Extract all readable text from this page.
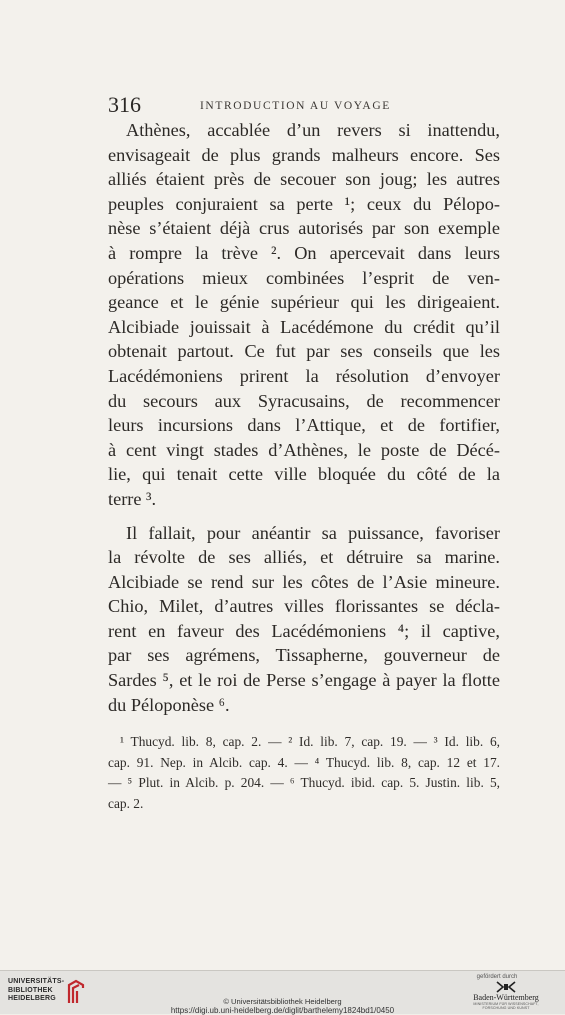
316	INTRODUCTION AU VOYAGE
Athènes, accablée d’un revers si inattendu,
envisageait de plus grands malheurs encore. Ses
alliés étaient près de secouer son joug; les autres
peuples conjuraient sa perte ¹; ceux du Pélopo-
nèse s’étaient déjà crus autorisés par son exemple
à rompre la trève ². On apercevait dans leurs
opérations mieux combinées l’esprit de ven-
geance et le génie supérieur qui les dirigeaient.
Alcibiade jouissait à Lacédémone du crédit qu’il
obtenait partout. Ce fut par ses conseils que les
Lacédémoniens prirent la résolution d’envoyer
du secours aux Syracusains, de recommencer
leurs incursions dans l’Attique, et de fortifier,
à cent vingt stades d’Athènes, le poste de Décé-
lie, qui tenait cette ville bloquée du côté de la
terre ³.
Il fallait, pour anéantir sa puissance, favoriser
la révolte de ses alliés, et détruire sa marine.
Alcibiade se rend sur les côtes de l’Asie mineure.
Chio, Milet, d’autres villes florissantes se décla-
rent en faveur des Lacédémoniens ⁴; il captive,
par ses agrémens, Tissapherne, gouverneur de
Sardes ⁵, et le roi de Perse s’engage à payer la flotte
du Péloponèse ⁶.
¹ Thucyd. lib. 8, cap. 2. — ² Id. lib. 7, cap. 19. — ³ Id. lib. 6,
cap. 91. Nep. in Alcib. cap. 4. — ⁴ Thucyd. lib. 8, cap. 12 et 17.
— ⁵ Plut. in Alcib. p. 204. — ⁶ Thucyd. ibid. cap. 5. Justin. lib. 5,
cap. 2.
UNIVERSITÄTS-
BIBLIOTHEK
HEIDELBERG	© Universitätsbibliothek Heidelberg
https://digi.ub.uni-heidelberg.de/diglit/barthelemy1824bd1/0450
gefördert durch
Baden-Württemberg
MINISTERIUM FÜR WISSENSCHAFT, FORSCHUNG UND KUNST
